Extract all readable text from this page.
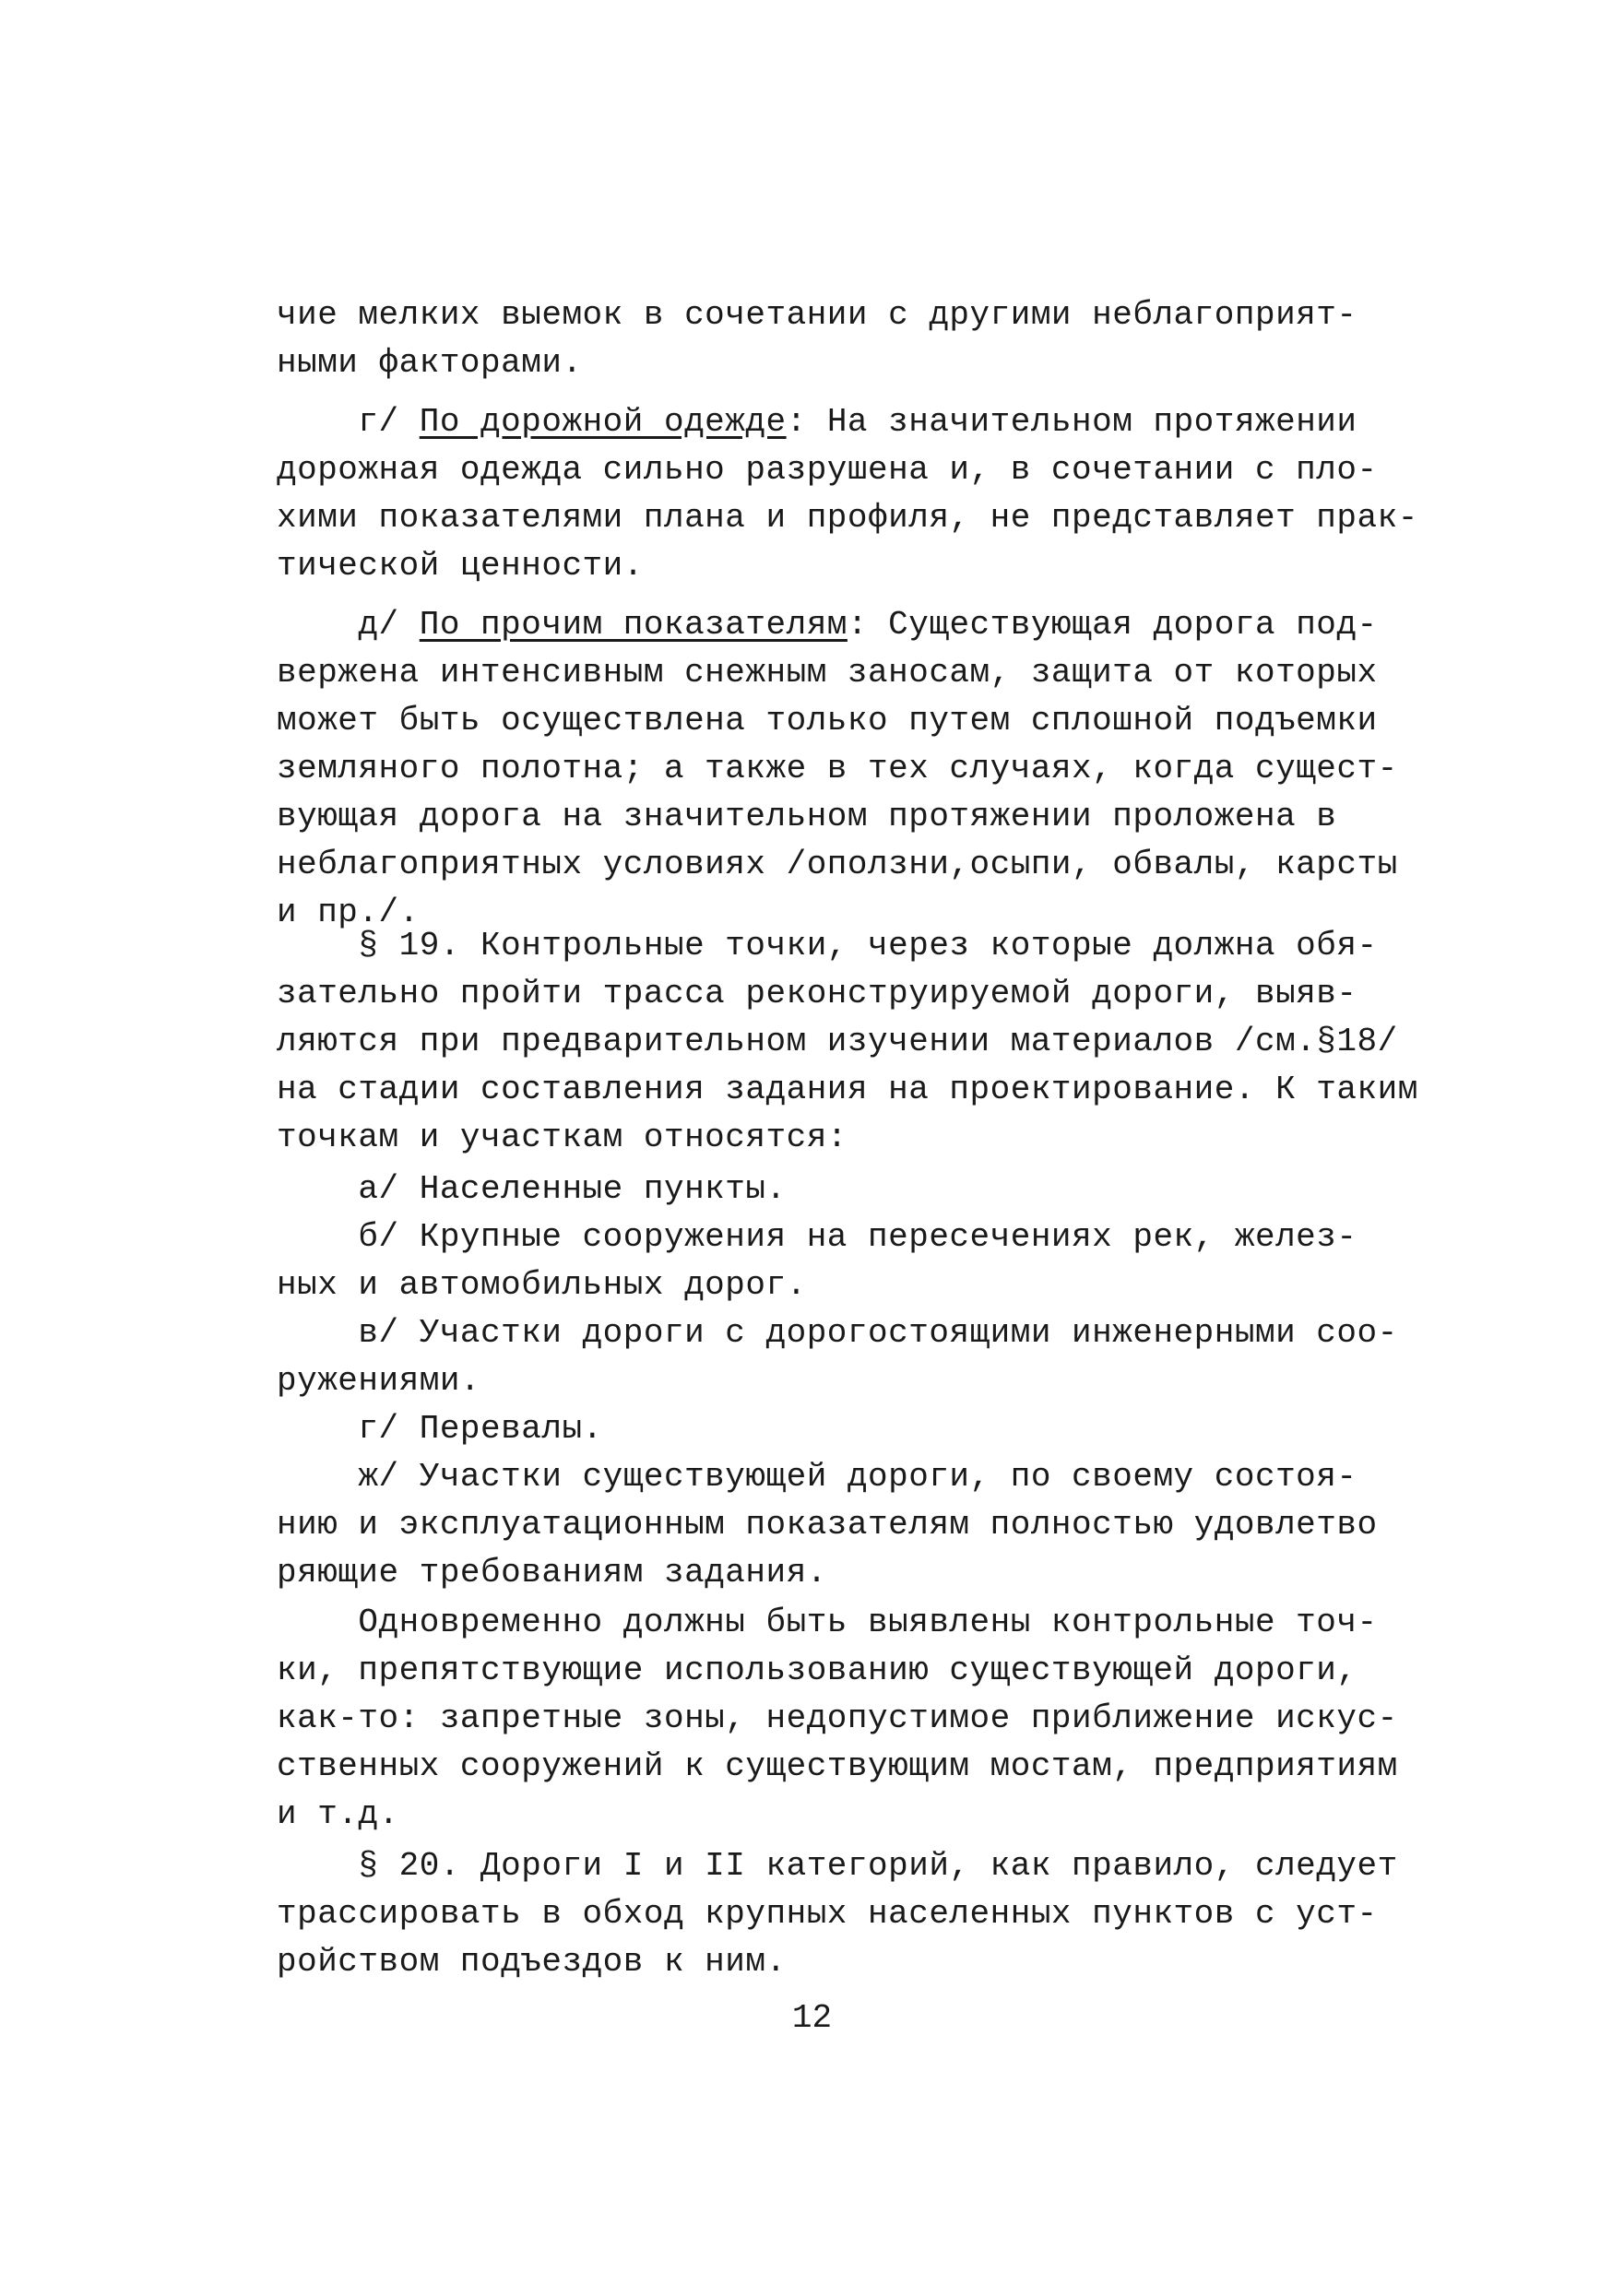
чие мелких выемок в сочетании с другими неблагоприят-
ными факторами.
г/ По дорожной одежде: На значительном протяжении
дорожная одежда сильно разрушена и, в сочетании с пло-
хими показателями плана и профиля, не представляет прак-
тической ценности.
д/ По прочим показателям: Существующая дорога под-
вержена интенсивным снежным заносам, защита от которых
может быть осуществлена только путем сплошной подъемки
земляного полотна; а также в тех случаях, когда сущест-
вующая дорога на значительном протяжении проложена в
неблагоприятных условиях /оползни,осыпи, обвалы, карсты
и пр./.
§ 19. Контрольные точки, через которые должна обя-
зательно пройти трасса реконструируемой дороги, выяв-
ляются при предварительном изучении материалов /см.§18/
на стадии составления задания на проектирование. К таким
точкам и участкам относятся:
а/ Населенные пункты.
б/ Крупные сооружения на пересечениях рек, желез-
ных и автомобильных дорог.
в/ Участки дороги с дорогостоящими инженерными соо-
ружениями.
г/ Перевалы.
ж/ Участки существующей дороги, по своему состоя-
нию и эксплуатационным показателям полностью удовлетво
ряющие требованиям задания.
Одновременно должны быть выявлены контрольные точ-
ки, препятствующие использованию существующей дороги,
как-то: запретные зоны, недопустимое приближение искус-
ственных сооружений к существующим мостам, предприятиям
и т.д.
§ 20. Дороги I и II категорий, как правило, следует
трассировать в обход крупных населенных пунктов с уст-
ройством подъездов к ним.
12
